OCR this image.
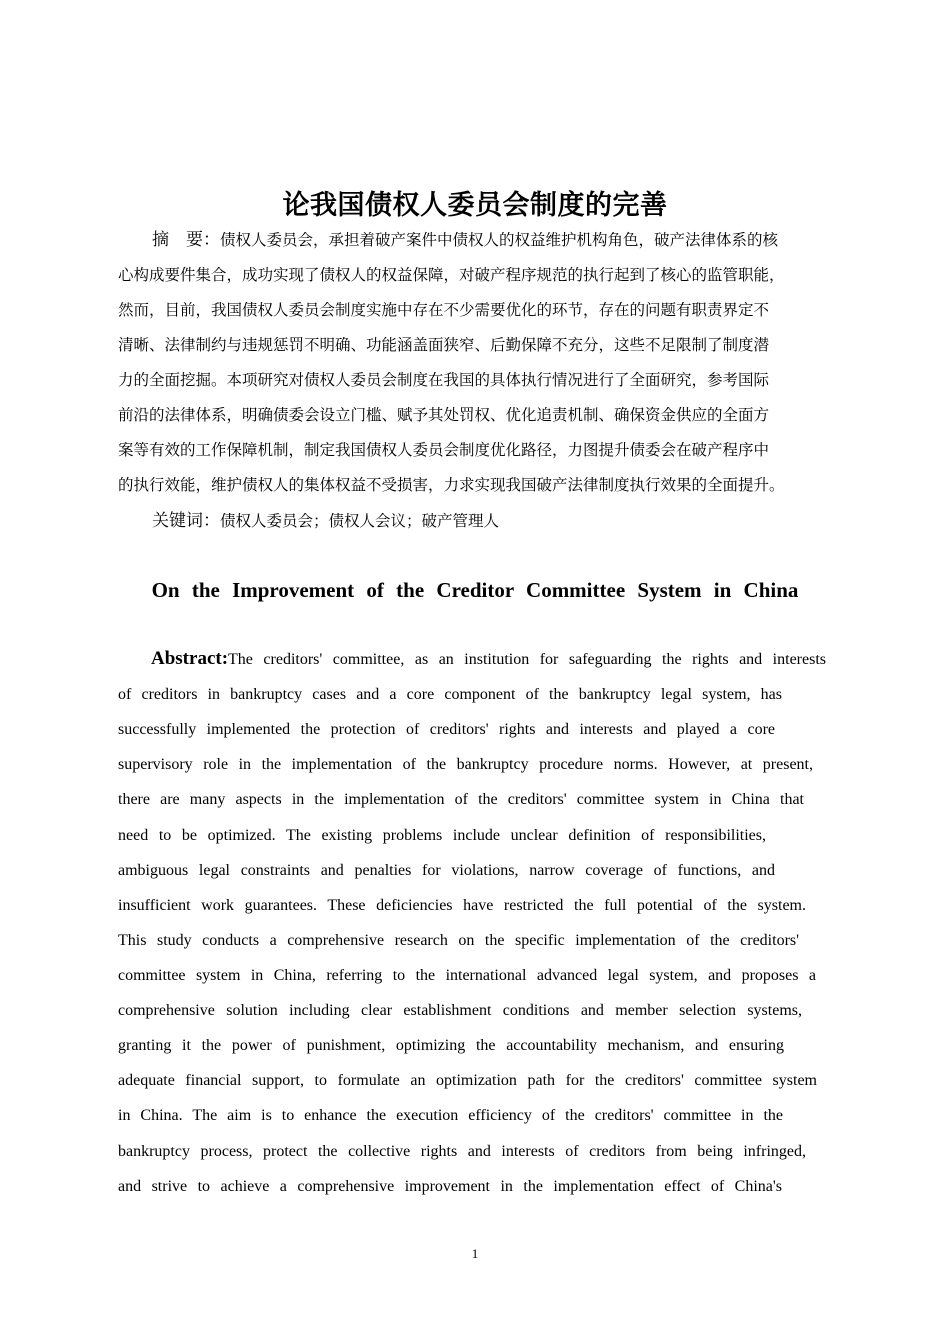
论我国债权人委员会制度的完善
摘　要：债权人委员会，承担着破产案件中债权人的权益维护机构角色，破产法律体系的核
心构成要件集合，成功实现了债权人的权益保障，对破产程序规范的执行起到了核心的监管职能，
然而，目前，我国债权人委员会制度实施中存在不少需要优化的环节，存在的问题有职责界定不
清晰、法律制约与违规惩罚不明确、功能涵盖面狭窄、后勤保障不充分，这些不足限制了制度潜
力的全面挖掘。本项研究对债权人委员会制度在我国的具体执行情况进行了全面研究，参考国际
前沿的法律体系，明确债委会设立门槛、赋予其处罚权、优化追责机制、确保资金供应的全面方
案等有效的工作保障机制，制定我国债权人委员会制度优化路径，力图提升债委会在破产程序中
的执行效能，维护债权人的集体权益不受损害，力求实现我国破产法律制度执行效果的全面提升。
关键词：债权人委员会；债权人会议；破产管理人
On the Improvement of the Creditor Committee System in China
Abstract:The creditors' committee, as an institution for safeguarding the rights and interests
of creditors in bankruptcy cases and a core component of the bankruptcy legal system, has
successfully implemented the protection of creditors' rights and interests and played a core
supervisory role in the implementation of the bankruptcy procedure norms. However, at present,
there are many aspects in the implementation of the creditors' committee system in China that
need to be optimized. The existing problems include unclear definition of responsibilities,
ambiguous legal constraints and penalties for violations, narrow coverage of functions, and
insufficient work guarantees. These deficiencies have restricted the full potential of the system.
This study conducts a comprehensive research on the specific implementation of the creditors'
committee system in China, referring to the international advanced legal system, and proposes a
comprehensive solution including clear establishment conditions and member selection systems,
granting it the power of punishment, optimizing the accountability mechanism, and ensuring
adequate financial support, to formulate an optimization path for the creditors' committee system
in China. The aim is to enhance the execution efficiency of the creditors' committee in the
bankruptcy process, protect the collective rights and interests of creditors from being infringed,
and strive to achieve a comprehensive improvement in the implementation effect of China's
1
